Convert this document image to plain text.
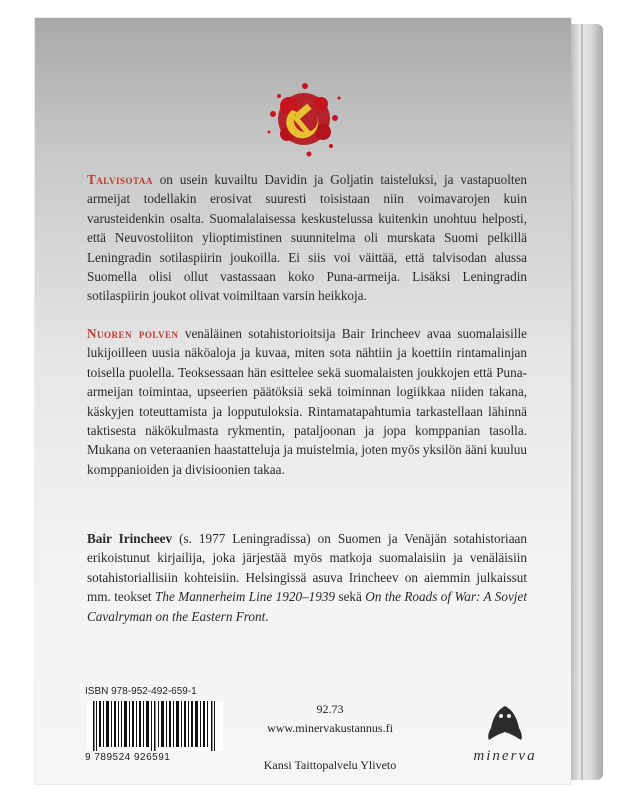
Talvisotaa on usein kuvailtu Davidin ja Goljatin taisteluksi, ja vastapuolten armeijat todellakin erosivat suuresti toisistaan niin voimavarojen kuin varusteidenkin osalta. Suomalalaisessa keskustelussa kuitenkin unohtuu helposti, että Neuvostoliiton ylioptimistinen suunnitelma oli murskata Suomi pelkillä Leningradin sotilaspiirin joukoilla. Ei siis voi väittää, että talvisodan alussa Suomella olisi ollut vastassaan koko Puna-armeija. Lisäksi Leningradin sotilaspiirin joukot olivat voimiltaan varsin heikkoja.

Nuoren polven venäläinen sotahistorioitsija Bair Irincheev avaa suomalaisille lukijoilleen uusia näköaloja ja kuvaa, miten sota nähtiin ja koettiin rintamalinjan toisella puolella. Teoksessaan hän esittelee sekä suomalaisten joukkojen että Puna-armeijan toimintaa, upseerien päätöksiä sekä toiminnan logiikkaa niiden takana, käskyjen toteuttamista ja lopputuloksia. Rintamatapahtumia tarkastellaan lähinnä taktisesta näkökulmasta rykmentin, pataljoonan ja jopa komppanian tasolla. Mukana on veteraanien haastatteluja ja muistelmia, joten myös yksilön ääni kuuluu komppanioiden ja divisioonien takaa.

Bair Irincheev (s. 1977 Leningradissa) on Suomen ja Venäjän sotahistoriaan erikoistunut kirjailija, joka järjestää myös matkoja suomalaisiin ja venäläisiin sotahistoriallisiin kohteisiin. Helsingissä asuva Irincheev on aiemmin julkaissut mm. teokset The Mannerheim Line 1920–1939 sekä On the Roads of War: A Sovjet Cavalryman on the Eastern Front.

ISBN 978-952-492-659-1
9 789524 926591
92.73
www.minervakustannus.fi
Kansi Taittopalvelu Yliveto
minerva
